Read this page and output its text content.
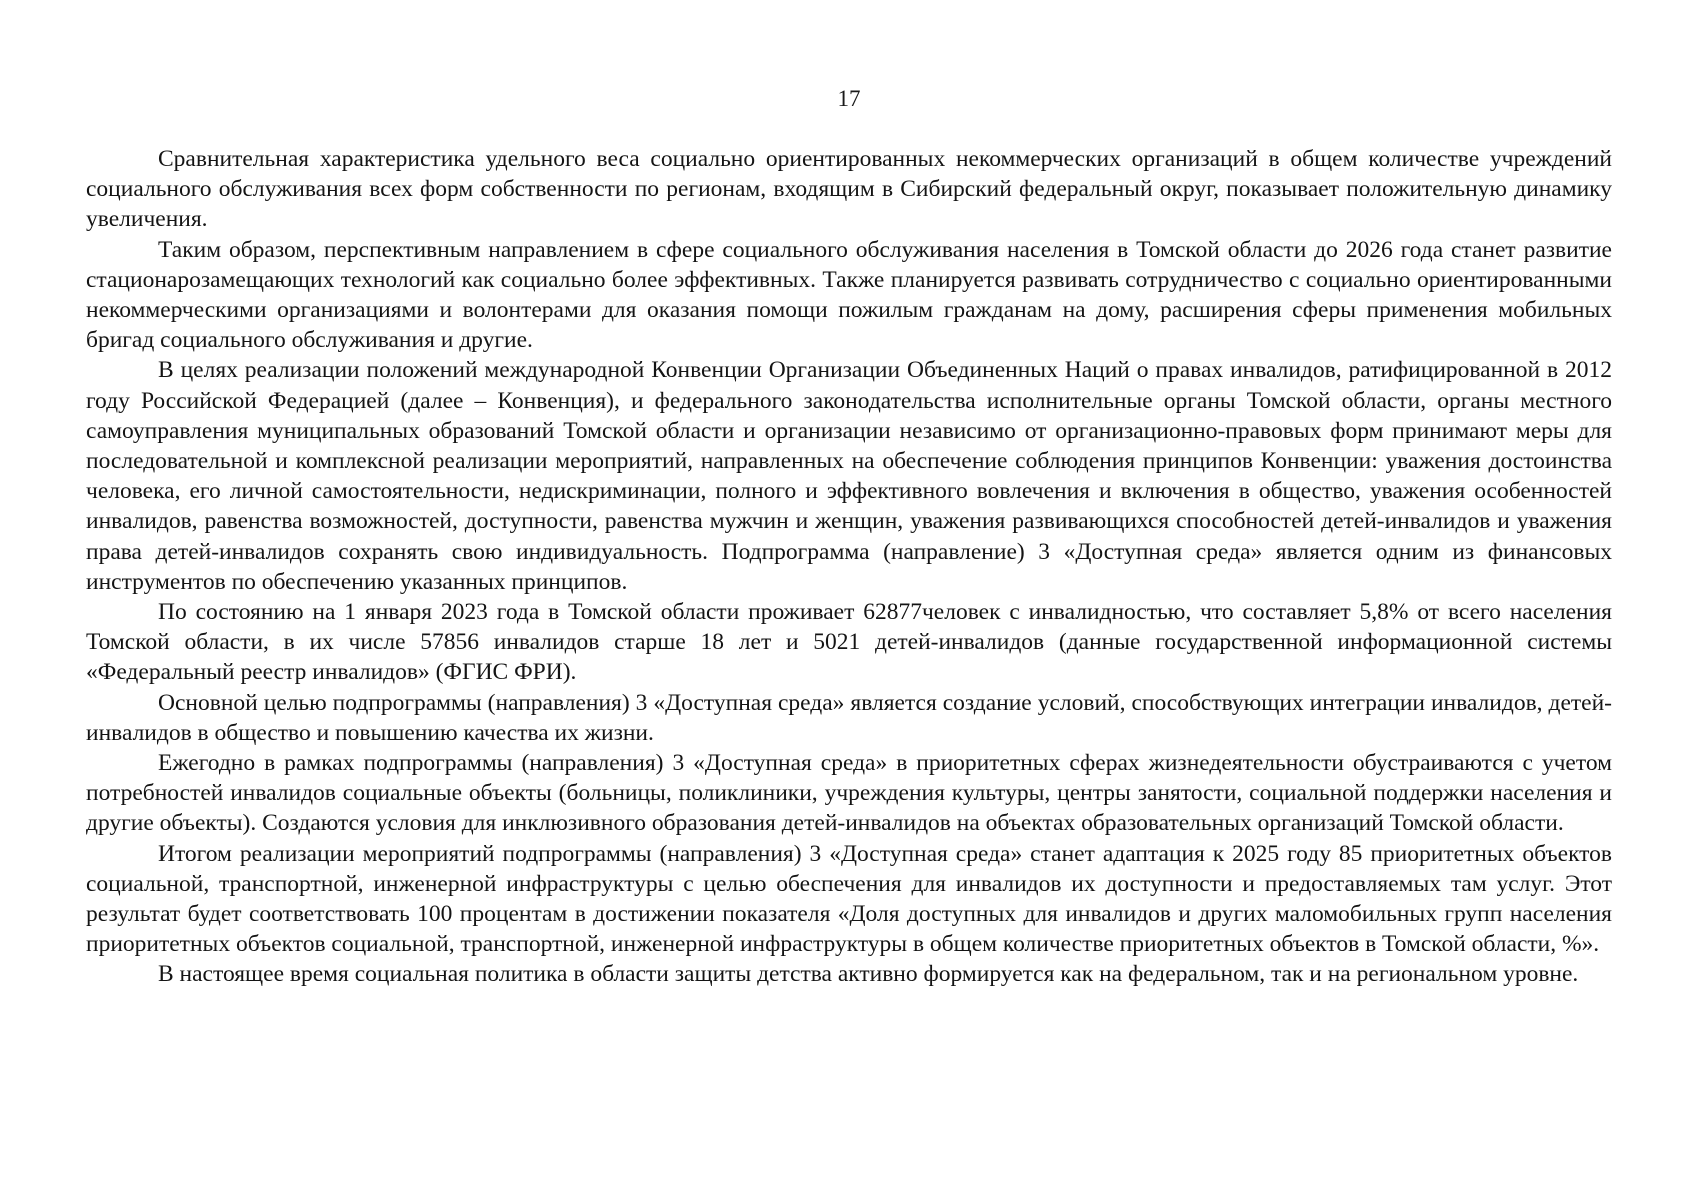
17

Сравнительная характеристика удельного веса социально ориентированных некоммерческих организаций в общем количестве учреждений социального обслуживания всех форм собственности по регионам, входящим в Сибирский федеральный округ, показывает положительную динамику увеличения.

Таким образом, перспективным направлением в сфере социального обслуживания населения в Томской области до 2026 года станет развитие стационарозамещающих технологий как социально более эффективных. Также планируется развивать сотрудничество с социально ориентированными некоммерческими организациями и волонтерами для оказания помощи пожилым гражданам на дому, расширения сферы применения мобильных бригад социального обслуживания и другие.

В целях реализации положений международной Конвенции Организации Объединенных Наций о правах инвалидов, ратифицированной в 2012 году Российской Федерацией (далее – Конвенция), и федерального законодательства исполнительные органы Томской области, органы местного самоуправления муниципальных образований Томской области и организации независимо от организационно-правовых форм принимают меры для последовательной и комплексной реализации мероприятий, направленных на обеспечение соблюдения принципов Конвенции: уважения достоинства человека, его личной самостоятельности, недискриминации, полного и эффективного вовлечения и включения в общество, уважения особенностей инвалидов, равенства возможностей, доступности, равенства мужчин и женщин, уважения развивающихся способностей детей-инвалидов и уважения права детей-инвалидов сохранять свою индивидуальность. Подпрограмма (направление) 3 «Доступная среда» является одним из финансовых инструментов по обеспечению указанных принципов.

По состоянию на 1 января 2023 года в Томской области проживает 62877человек с инвалидностью, что составляет 5,8% от всего населения Томской области, в их числе 57856 инвалидов старше 18 лет и 5021 детей-инвалидов (данные государственной информационной системы «Федеральный реестр инвалидов» (ФГИС ФРИ).

Основной целью подпрограммы (направления) 3 «Доступная среда» является создание условий, способствующих интеграции инвалидов, детей-инвалидов в общество и повышению качества их жизни.

Ежегодно в рамках подпрограммы (направления) 3 «Доступная среда» в приоритетных сферах жизнедеятельности обустраиваются с учетом потребностей инвалидов социальные объекты (больницы, поликлиники, учреждения культуры, центры занятости, социальной поддержки населения и другие объекты). Создаются условия для инклюзивного образования детей-инвалидов на объектах образовательных организаций Томской области.

Итогом реализации мероприятий подпрограммы (направления) 3 «Доступная среда» станет адаптация к 2025 году 85 приоритетных объектов социальной, транспортной, инженерной инфраструктуры с целью обеспечения для инвалидов их доступности и предоставляемых там услуг. Этот результат будет соответствовать 100 процентам в достижении показателя «Доля доступных для инвалидов и других маломобильных групп населения приоритетных объектов социальной, транспортной, инженерной инфраструктуры в общем количестве приоритетных объектов в Томской области, %».

В настоящее время социальная политика в области защиты детства активно формируется как на федеральном, так и на региональном уровне.
